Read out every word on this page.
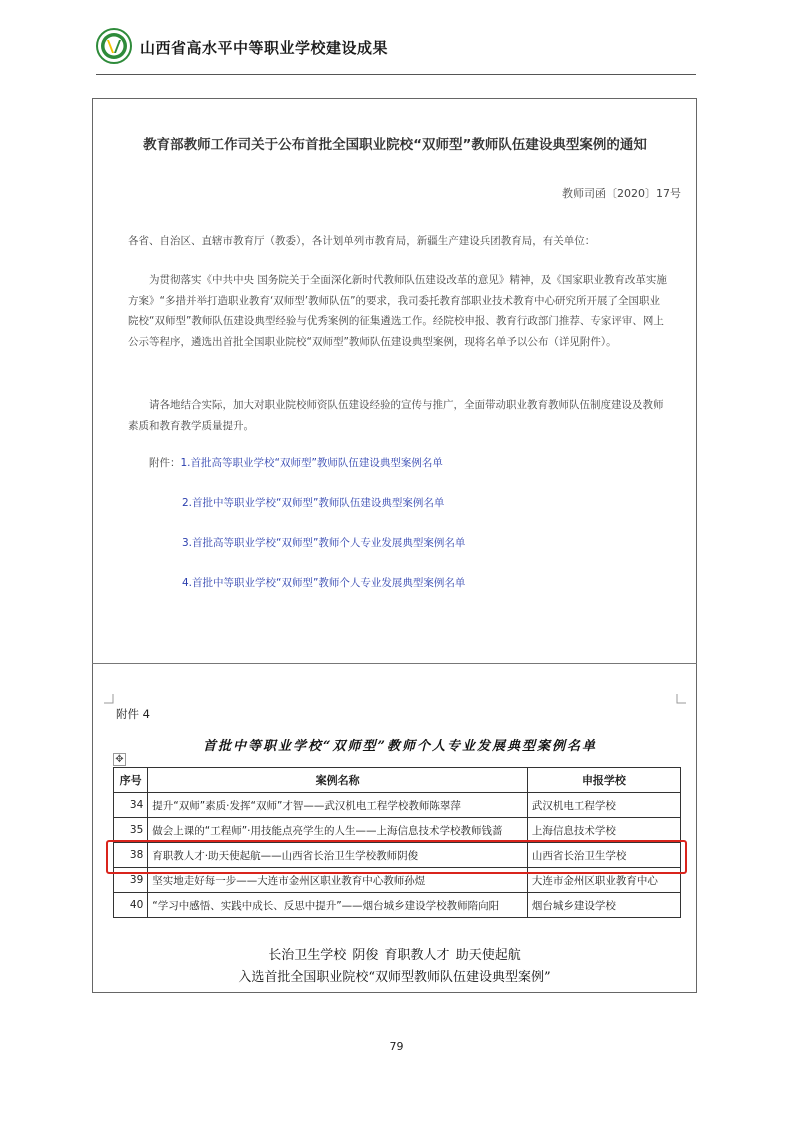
山西省高水平中等职业学校建设成果
教育部教师工作司关于公布首批全国职业院校“双师型”教师队伍建设典型案例的通知
教师司函〔2020〕17号

各省、自治区、直辖市教育厅（教委），各计划单列市教育局，新疆生产建设兵团教育局，有关单位：

为贯彻落实《中共中央 国务院关于全面深化新时代教师队伍建设改革的意见》精神，及《国家职业教育改革实施方案》“多措并举打造职业教育‘双师型’教师队伍”的要求，我司委托教育部职业技术教育中心研究所开展了全国职业院校“双师型”教师队伍建设典型经验与优秀案例的征集遴选工作。经院校申报、教育行政部门推荐、专家评审、网上公示等程序，遴选出首批全国职业院校“双师型”教师队伍建设典型案例，现将名单予以公布（详见附件）。

请各地结合实际，加大对职业院校师资队伍建设经验的宣传与推广，全面带动职业教育教师队伍制度建设及教师素质和教育教学质量提升。

附件：1.首批高等职业学校“双师型”教师队伍建设典型案例名单
2.首批中等职业学校“双师型”教师队伍建设典型案例名单
3.首批高等职业学校“双师型”教师个人专业发展典型案例名单
4.首批中等职业学校“双师型”教师个人专业发展典型案例名单
附件 4
首批中等职业学校“双师型”教师个人专业发展典型案例名单
✥
序号	案例名称	申报学校
34	提升“双师”素质·发挥“双师”才智——武汉机电工程学校教师陈翠萍	武汉机电工程学校
35	做会上课的“工程师”·用技能点亮学生的人生——上海信息技术学校教师钱蔷	上海信息技术学校
38	育职教人才·助天使起航——山西省长治卫生学校教师阴俊	山西省长治卫生学校
39	坚实地走好每一步——大连市金州区职业教育中心教师孙煜	大连市金州区职业教育中心
40	“学习中感悟、实践中成长、反思中提升”——烟台城乡建设学校教师隋向阳	烟台城乡建设学校
长治卫生学校 阴俊 育职教人才 助天使起航
入选首批全国职业院校“双师型教师队伍建设典型案例”
79
